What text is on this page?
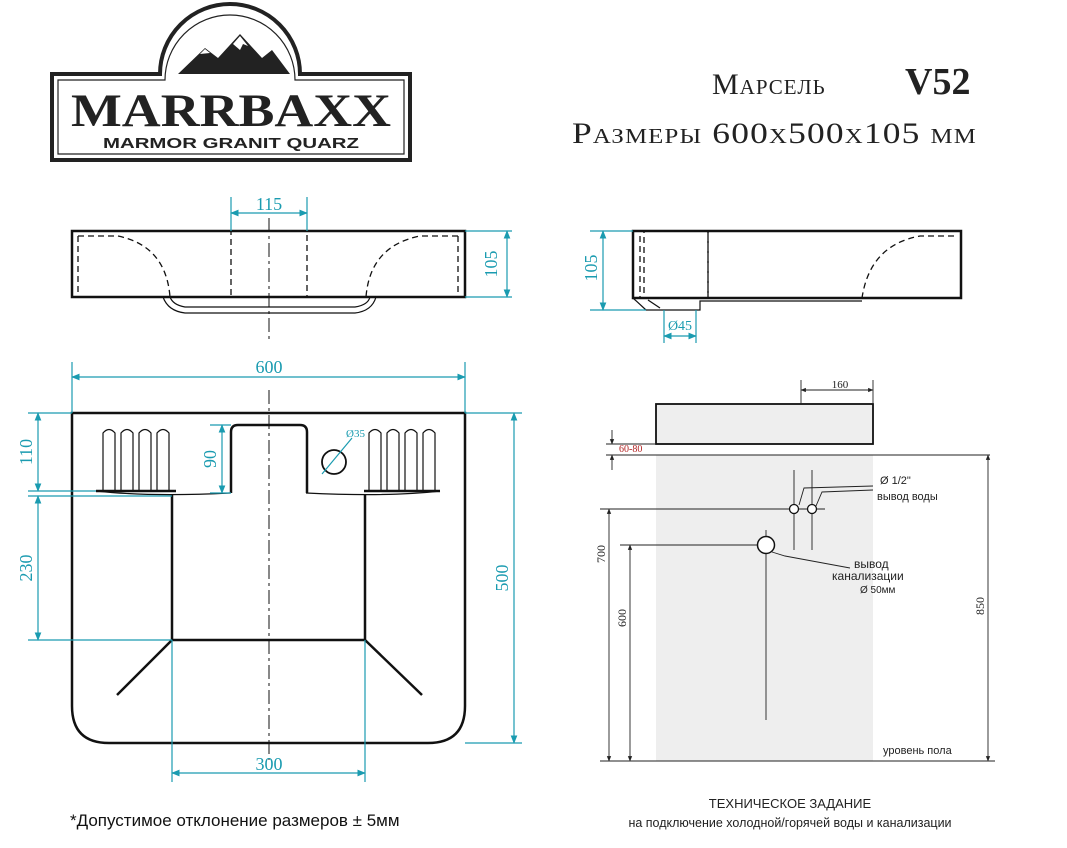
MARRBAXX
MARMOR GRANIT QUARZ
Марсель V52
Размеры 600х500х105 мм
115
105	105
Ø45
Ø35
600
110
230
90
500
300
160
60-80
Ø 1/2"
вывод воды
вывод
канализации
Ø 50мм
уровень пола
700
600
850
ТЕХНИЧЕСКОЕ ЗАДАНИЕ
на подключение холодной/горячей воды и канализации
*Допустимое отклонение размеров ± 5мм
